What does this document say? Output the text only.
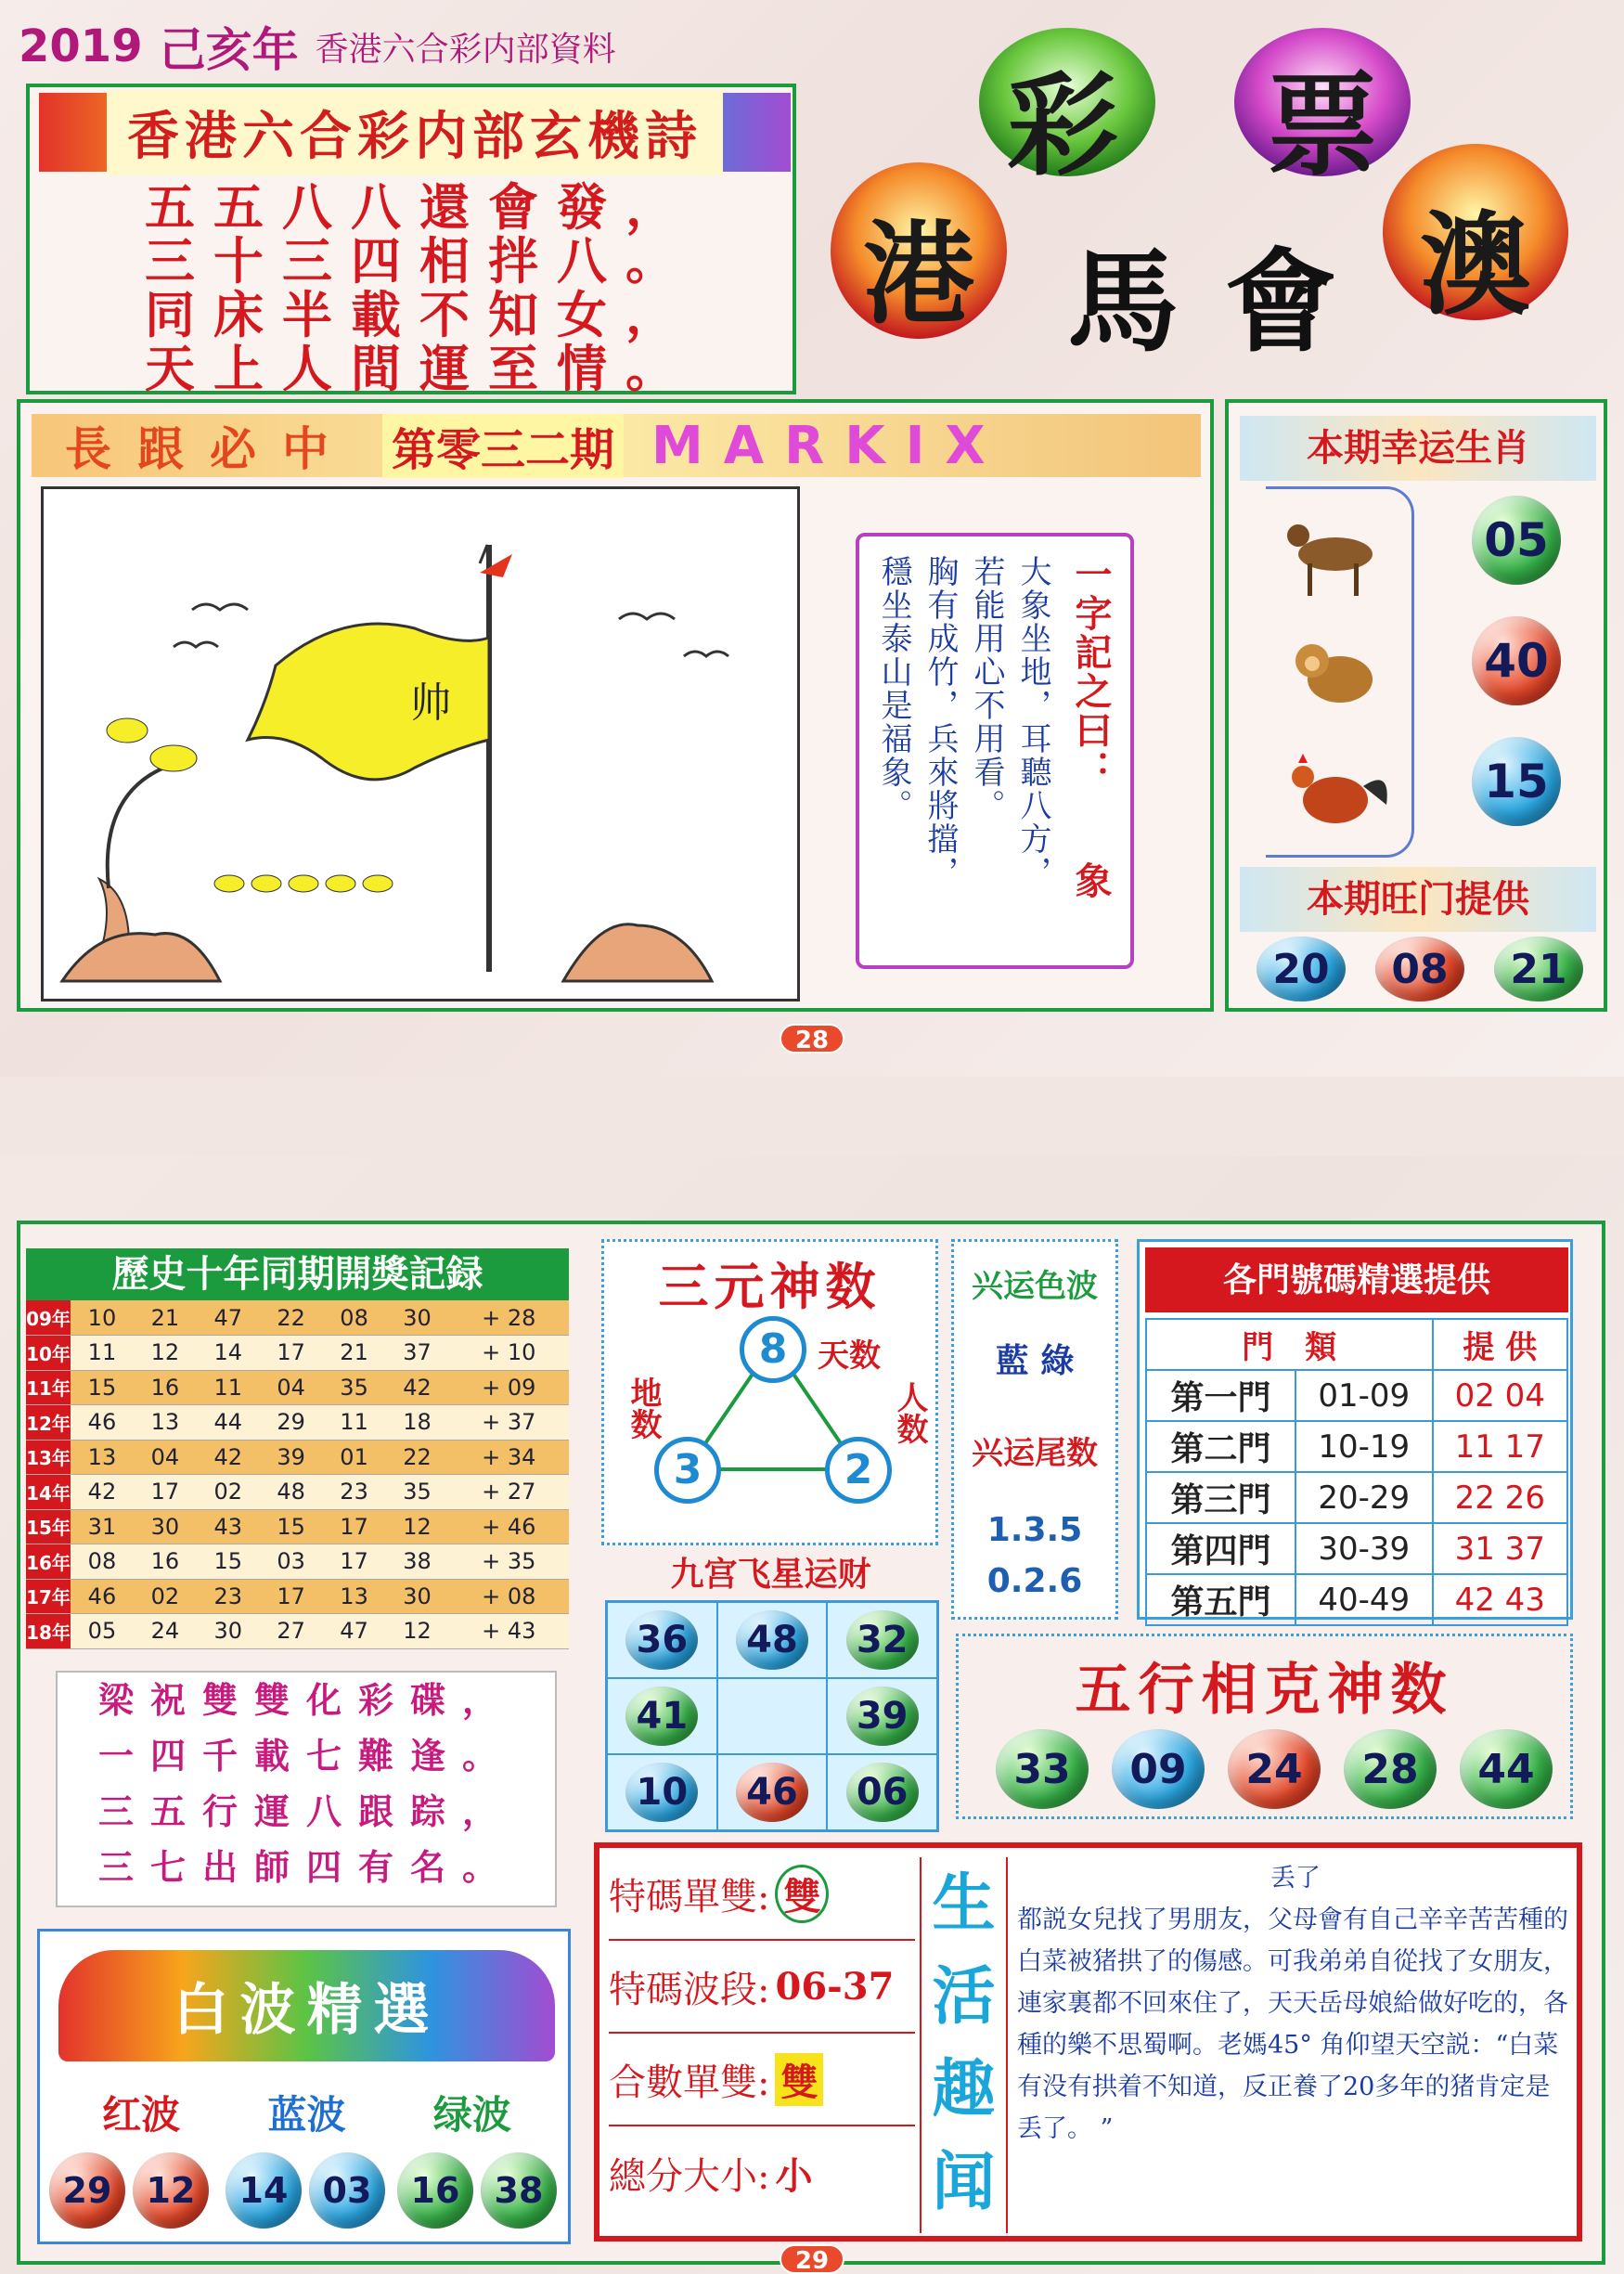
2019 己亥年 香港六合彩内部資料
香港六合彩内部玄機詩
五五八八還會發，
三十三四相拌八。
同床半載不知女，
天上人間運至情。
彩 票
馬 會
港	澳
長跟必中 第零三二期 MARKIX
帅	一字記之曰：
象
大象坐地，耳聽八方，
若能用心不用看。
胸有成竹，兵來將擋，
穩坐泰山是福象。
本期幸运生肖
05
40
15
本期旺门提供
20	08	21
28
歷史十年同期開獎記録
09年	10	21	47	22	08	30	+ 28
10年	11	12	14	17	21	37	+ 10
11年	15	16	11	04	35	42	+ 09
12年	46	13	44	29	11	18	+ 37
13年	13	04	42	39	01	22	+ 34
14年	42	17	02	48	23	35	+ 27
15年	31	30	43	15	17	12	+ 46
16年	08	16	15	03	17	38	+ 35
17年	46	02	23	17	13	30	+ 08
18年	05	24	30	27	47	12	+ 43
梁祝雙雙化彩碟，
一四千載七難逢。
三五行運八跟踪，
三七出師四有名。
白波精選
红波 蓝波 绿波
29 12	14 03	16 38
三元神数
8
3	2
天数
地数	人数
兴运色波
藍 綠
兴运尾数
1.3.5
0.2.6
九宫飞星运财
36 48 32
41	39
10 46 06
各門號碼精選提供
門　類		提 供
第一門	01-09	02 04
第二門	10-19	11 17
第三門	20-29	22 26
第四門	30-39	31 37
第五門	40-49	42 43
五行相克神数
33	09	24	28	44
特碼單雙: 雙
特碼波段: 06-37
合數單雙: 雙
總分大小: 小
生
活
趣
闻
丢了
都説女兒找了男朋友，父母會有自己辛辛苦苦種的白菜被猪拱了的傷感。可我弟弟自從找了女朋友，連家裏都不回來住了，天天岳母娘給做好吃的，各種的樂不思蜀啊。老媽45° 角仰望天空説：“白菜有没有拱着不知道，反正養了20多年的猪肯定是丢了。 ”
29
